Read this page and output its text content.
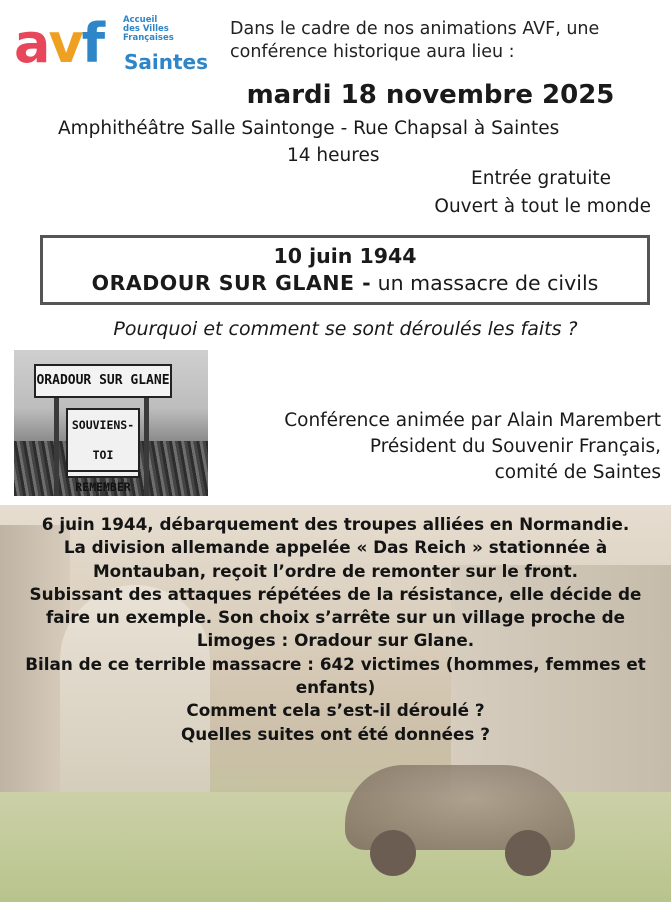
avf Accueil
des Villes
Françaises
Saintes
Dans le cadre de nos animations AVF, une
conférence historique aura lieu :
mardi 18 novembre 2025
Amphithéâtre Salle Saintonge - Rue Chapsal à Saintes
14 heures
Entrée gratuite
Ouvert à tout le monde
10 juin 1944
ORADOUR SUR GLANE - un massacre de civils
Pourquoi et comment se sont déroulés les faits ?
ORADOUR SUR GLANE
SOUVIENS-TOI
REMEMBER
Conférence animée par Alain Marembert
Président du Souvenir Français,
comité de Saintes
6 juin 1944, débarquement des troupes alliées en Normandie.
La division allemande appelée « Das Reich » stationnée à
Montauban, reçoit l’ordre de remonter sur le front.
Subissant des attaques répétées de la résistance, elle décide de
faire un exemple. Son choix s’arrête sur un village proche de
Limoges : Oradour sur Glane.
Bilan de ce terrible massacre : 642 victimes (hommes, femmes et
enfants)
Comment cela s’est-il déroulé ?
Quelles suites ont été données ?
